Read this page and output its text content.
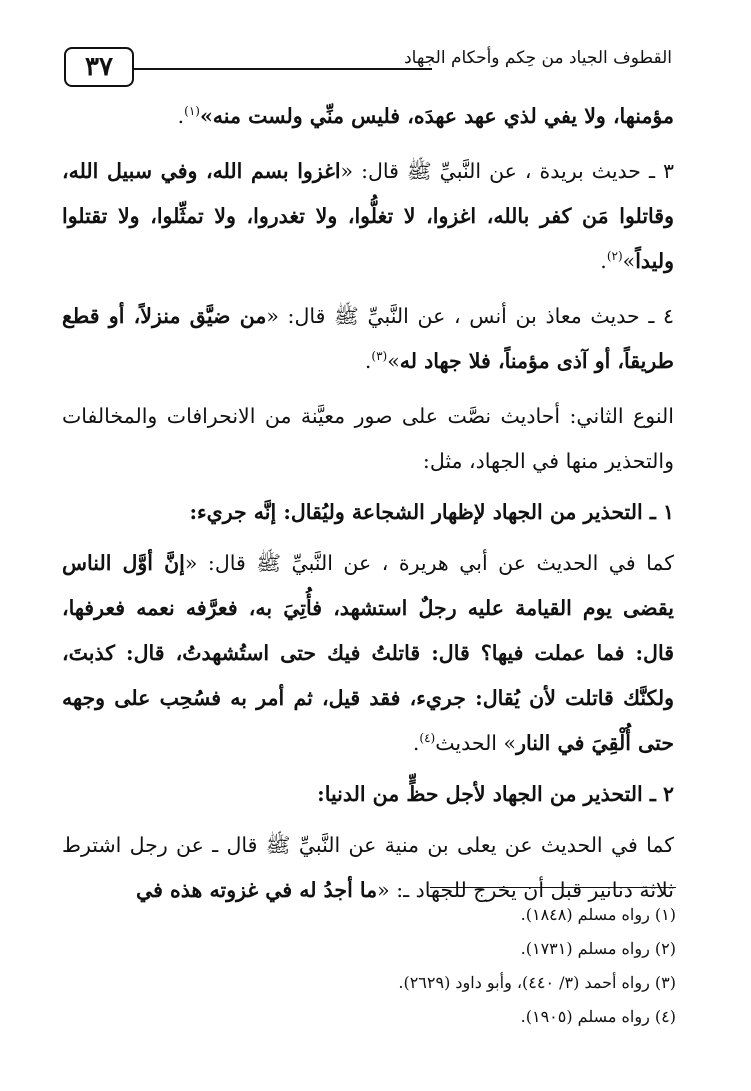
٣٧	القطوف الجياد من حِكم وأحكام الجهاد

مؤمنها، ولا يفي لذي عهد عهدَه، فليس منِّي ولست منه»$^{(١)}$.

٣ ـ حديث بريدة ، عن النَّبيِّ ﷺ قال: «اغزوا بسم الله، وفي سبيل الله، وقاتلوا مَن كفر بالله، اغزوا، لا تغلُّوا، ولا تغدروا، ولا تمثِّلوا، ولا تقتلوا وليداً»$^{(٢)}$.

٤ ـ حديث معاذ بن أنس ، عن النَّبيِّ ﷺ قال: «من ضيَّق منزلاً، أو قطع طريقاً، أو آذى مؤمناً، فلا جهاد له»$^{(٣)}$.

النوع الثاني: أحاديث نصَّت على صور معيَّنة من الانحرافات والمخالفات والتحذير منها في الجهاد، مثل:

١ ـ التحذير من الجهاد لإظهار الشجاعة وليُقال: إنَّه جريء:

كما في الحديث عن أبي هريرة ، عن النَّبيِّ ﷺ قال: «إنَّ أوَّل الناس يقضى يوم القيامة عليه رجلٌ استشهد، فأُتِيَ به، فعرَّفه نعمه فعرفها، قال: فما عملت فيها؟ قال: قاتلتُ فيك حتى استُشهدتُ، قال: كذبتَ، ولكنَّك قاتلت لأن يُقال: جريء، فقد قيل، ثم أمر به فسُحِب على وجهه حتى أُلْقِيَ في النار» الحديث$^{(٤)}$.

٢ ـ التحذير من الجهاد لأجل حظٍّ من الدنيا:

كما في الحديث عن يعلى بن منية عن النَّبيِّ ﷺ قال ـ عن رجل اشترط ثلاثة دنانير قبل أن يخرج للجهاد ـ: «ما أجدُ له في غزوته هذه في

(١) رواه مسلم (١٨٤٨).
(٢) رواه مسلم (١٧٣١).
(٣) رواه أحمد (٣/ ٤٤٠)، وأبو داود (٢٦٢٩).
(٤) رواه مسلم (١٩٠٥).
